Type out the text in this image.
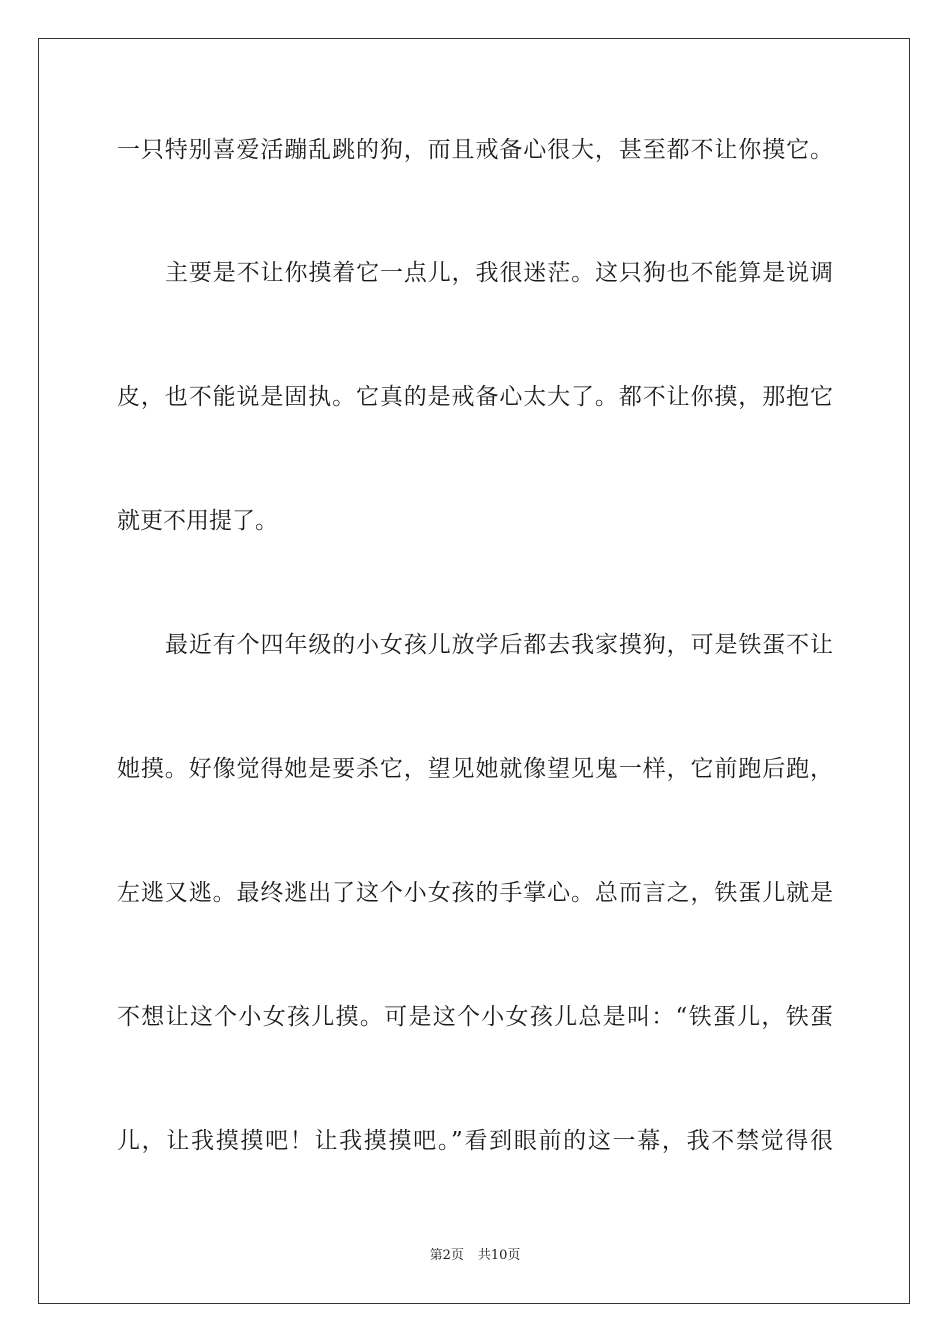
一只特别喜爱活蹦乱跳的狗，而且戒备心很大，甚至都不让你摸它。
主要是不让你摸着它一点儿，我很迷茫。这只狗也不能算是说调
皮，也不能说是固执。它真的是戒备心太大了。都不让你摸，那抱它
就更不用提了。
最近有个四年级的小女孩儿放学后都去我家摸狗，可是铁蛋不让
她摸。好像觉得她是要杀它，望见她就像望见鬼一样，它前跑后跑，
左逃又逃。最终逃出了这个小女孩的手掌心。总而言之，铁蛋儿就是
不想让这个小女孩儿摸。可是这个小女孩儿总是叫：“铁蛋儿，铁蛋
儿，让我摸摸吧！让我摸摸吧。”看到眼前的这一幕，我不禁觉得很
第2页 共10页
